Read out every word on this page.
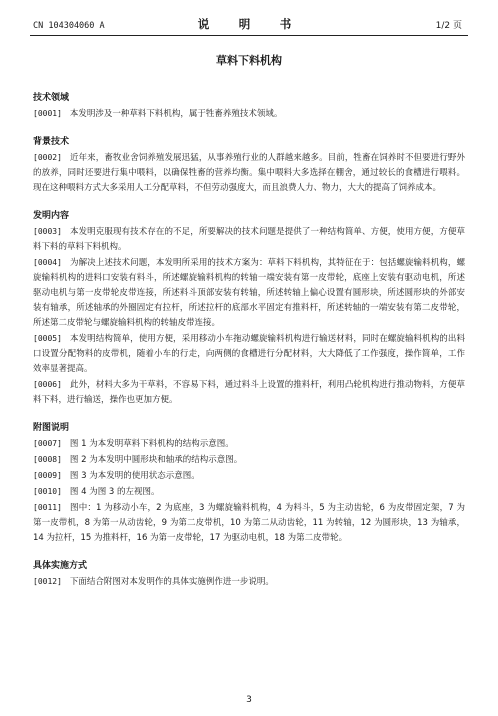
CN 104304060 A	说　明　书	1/2 页
草料下料机构
技术领域

[0001] 本发明涉及一种草料下料机构，属于牲畜养殖技术领域。

背景技术

[0002] 近年来，畜牧业舍饲养殖发展迅猛，从事养殖行业的人群越来越多。目前，牲畜在饲养时不但要进行野外的放养，同时还要进行集中喂料，以确保牲畜的营养均衡。集中喂料大多选择在棚舍，通过较长的食槽进行喂料。现在这种喂料方式大多采用人工分配草料，不但劳动强度大，而且浪费人力、物力，大大的提高了饲养成本。

发明内容

[0003] 本发明克服现有技术存在的不足，所要解决的技术问题是提供了一种结构简单、方便，使用方便，方便草料下料的草料下料机构。

[0004] 为解决上述技术问题，本发明所采用的技术方案为：草料下料机构，其特征在于：包括螺旋输料机构，螺旋输料机构的进料口安装有料斗，所述螺旋输料机构的转轴一端安装有第一皮带轮，底座上安装有驱动电机，所述驱动电机与第一皮带轮皮带连接，所述料斗顶部安装有转轴，所述转轴上偏心设置有圆形块，所述圆形块的外部安装有轴承，所述轴承的外圈固定有拉杆，所述拉杆的底部水平固定有推料杆，所述转轴的一端安装有第二皮带轮，所述第二皮带轮与螺旋输料机构的转轴皮带连接。

[0005] 本发明结构简单，使用方便，采用移动小车拖动螺旋输料机构进行输送材料，同时在螺旋输料机构的出料口设置分配物料的皮带机，随着小车的行走，向两侧的食槽进行分配材料，大大降低了工作强度，操作简单，工作效率显著提高。

[0006] 此外，材料大多为干草料，不容易下料，通过料斗上设置的推料杆，利用凸轮机构进行推动物料，方便草料下料，进行输送，操作也更加方便。

附图说明

[0007] 图 1 为本发明草料下料机构的结构示意图。

[0008] 图 2 为本发明中圆形块和轴承的结构示意图。

[0009] 图 3 为本发明的使用状态示意图。

[0010] 图 4 为图 3 的左视图。

[0011] 图中：1 为移动小车，2 为底座，3 为螺旋输料机构，4 为料斗，5 为主动齿轮，6 为皮带固定架，7 为第一皮带机，8 为第一从动齿轮，9 为第二皮带机，10 为第二从动齿轮，11 为转轴，12 为圆形块，13 为轴承，14 为拉杆，15 为推料杆，16 为第一皮带轮，17 为驱动电机，18 为第二皮带轮。

具体实施方式

[0012] 下面结合附图对本发明作的具体实施例作进一步说明。

3
